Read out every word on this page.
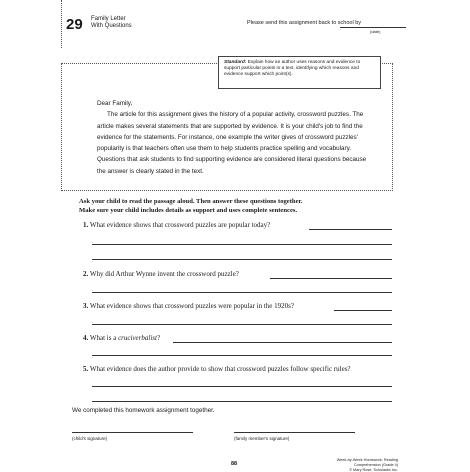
29 Family Letter
With Questions	Please send this assignment back to school by
(date)
Standard: Explain how an author uses reasons and evidence to support particular points in a text, identifying which reasons and evidence support which point(s).

Dear Family,

The article for this assignment gives the history of a popular activity, crossword puzzles. The article makes several statements that are supported by evidence. It is your child's job to find the evidence for the statements. For instance, one example the writer gives of crossword puzzles' popularity is that teachers often use them to help students practice spelling and vocabulary. Questions that ask students to find supporting evidence are considered literal questions because the answer is clearly stated in the text.

Ask your child to read the passage aloud. Then answer these questions together.
Make sure your child includes details as support and uses complete sentences.
1. What evidence shows that crossword puzzles are popular today?
2. Why did Arthur Wynne invent the crossword puzzle?
3. What evidence shows that crossword puzzles were popular in the 1920s?
4. What is a cruciverbalist?
5. What evidence does the author provide to show that crossword puzzles follow specific rules?
We completed this homework assignment together.
(child's signature)	(family member's signature)
88
Week-by-Week Homework: Reading Comprehension (Grade 4)
© Mary Rose, Scholastic Inc.
